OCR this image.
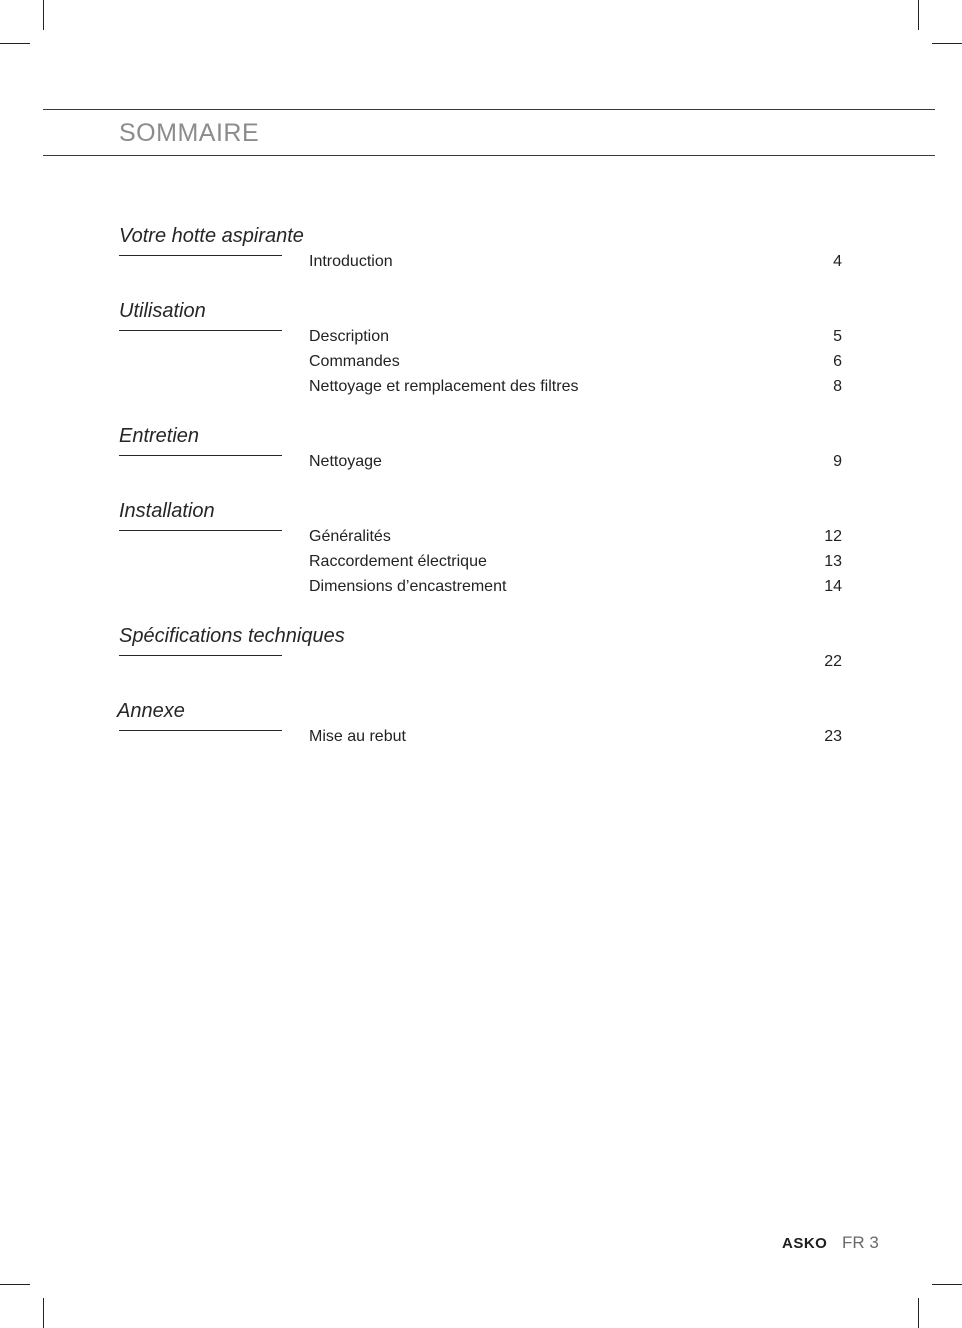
SOMMAIRE
Votre hotte aspirante
Introduction	4
Utilisation
Description	5
Commandes	6
Nettoyage et remplacement des filtres	8
Entretien
Nettoyage	9
Installation
Généralités	12
Raccordement électrique	13
Dimensions d’encastrement	14
Spécifications techniques
22
Annexe
Mise au rebut	23
ASKO FR 3
